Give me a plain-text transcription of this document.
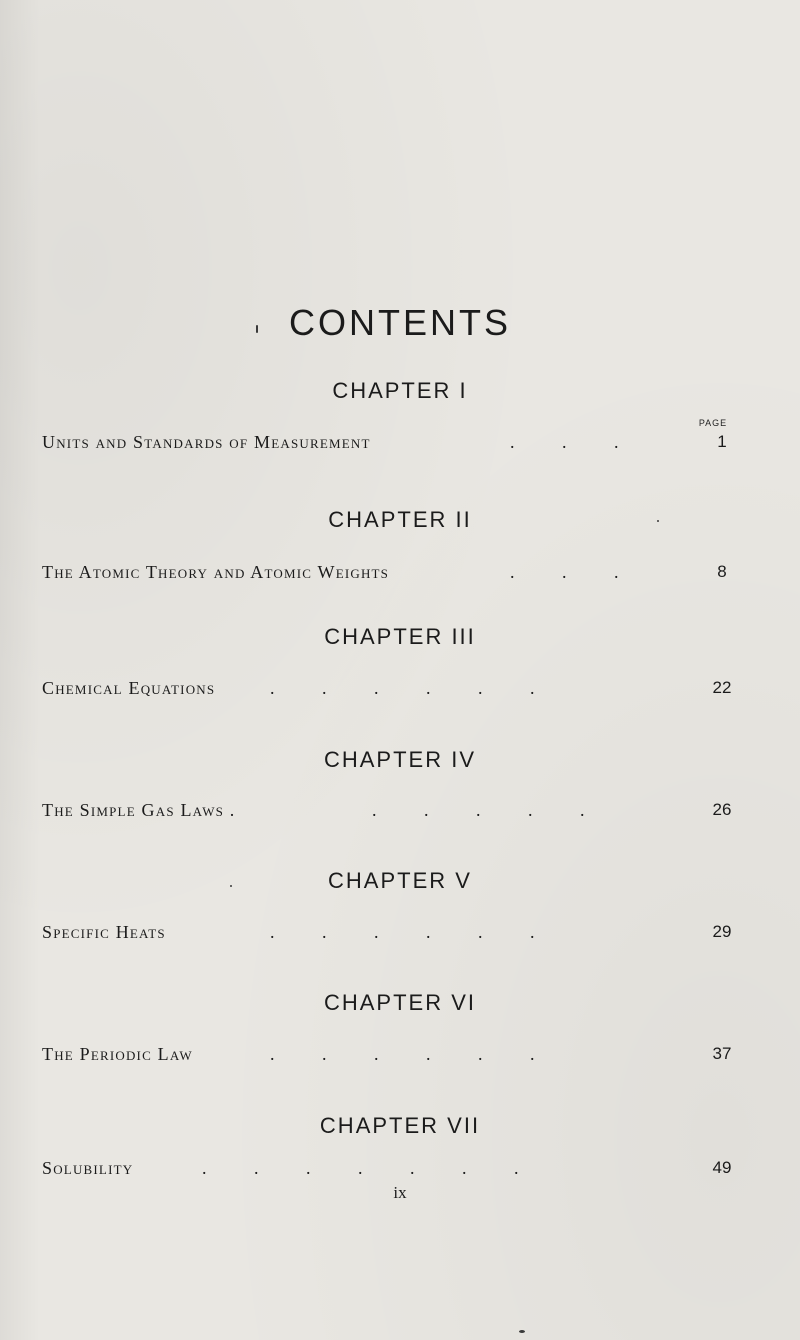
CONTENTS
CHAPTER I
PAGE
Units and Standards of Measurement	.	.	.	1
CHAPTER II
The Atomic Theory and Atomic Weights	.	.	.	8
CHAPTER III
Chemical Equations	.	.	.	.	.	.	22
CHAPTER IV
The Simple Gas Laws .	.	.	.	.	.	26
CHAPTER V
Specific Heats	.	.	.	.	.	.	29
CHAPTER VI
The Periodic Law	.	.	.	.	.	.	37
CHAPTER VII
Solubility	.	.	.	.	.	.	.	49
ix
